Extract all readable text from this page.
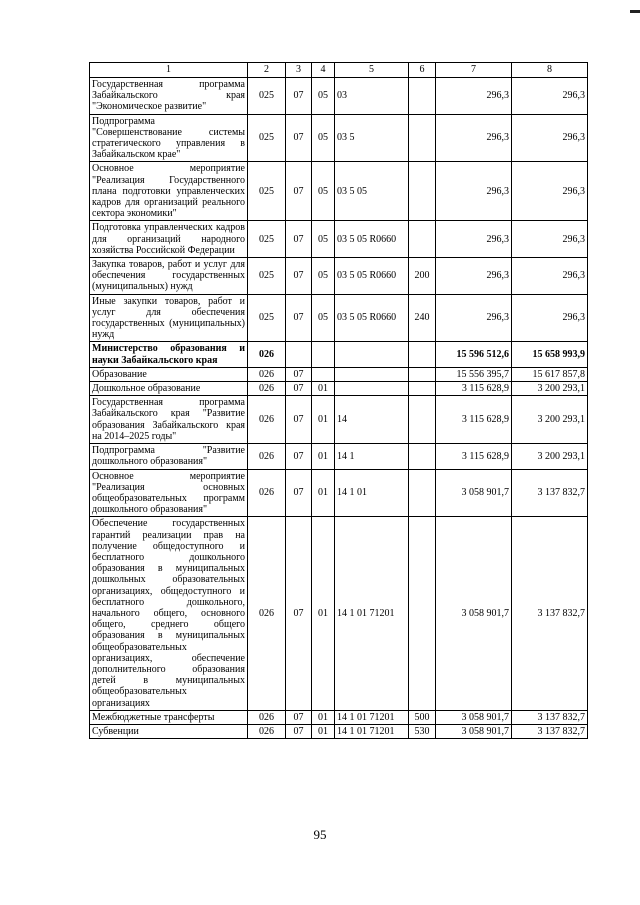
1	2	3	4	5	6	7	8
Государственная программа Забайкальского края "Экономическое развитие"	025	07	05	03		296,3	296,3
Подпрограмма "Совершенствование системы стратегического управления в Забайкальском крае"	025	07	05	03 5		296,3	296,3
Основное мероприятие "Реализация Государственного плана подготовки управленческих кадров для организаций реального сектора экономики"	025	07	05	03 5 05		296,3	296,3
Подготовка управленческих кадров для организаций народного хозяйства Российской Федерации	025	07	05	03 5 05 R0660		296,3	296,3
Закупка товаров, работ и услуг для обеспечения государственных (муниципальных) нужд	025	07	05	03 5 05 R0660	200	296,3	296,3
Иные закупки товаров, работ и услуг для обеспечения государственных (муниципальных) нужд	025	07	05	03 5 05 R0660	240	296,3	296,3
Министерство образования и науки Забайкальского края	026					15 596 512,6	15 658 993,9
Образование	026	07				15 556 395,7	15 617 857,8
Дошкольное образование	026	07	01			3 115 628,9	3 200 293,1
Государственная программа Забайкальского края "Развитие образования Забайкальского края на 2014–2025 годы"	026	07	01	14		3 115 628,9	3 200 293,1
Подпрограмма "Развитие дошкольного образования"	026	07	01	14 1		3 115 628,9	3 200 293,1
Основное мероприятие "Реализация основных общеобразовательных программ дошкольного образования"	026	07	01	14 1 01		3 058 901,7	3 137 832,7
Обеспечение государственных гарантий реализации прав на получение общедоступного и бесплатного дошкольного образования в муниципальных дошкольных образовательных организациях, общедоступного и бесплатного дошкольного, начального общего, основного общего, среднего общего образования в муниципальных общеобразовательных организациях, обеспечение дополнительного образования детей в муниципальных общеобразовательных организациях	026	07	01	14 1 01 71201		3 058 901,7	3 137 832,7
Межбюджетные трансферты	026	07	01	14 1 01 71201	500	3 058 901,7	3 137 832,7
Субвенции	026	07	01	14 1 01 71201	530	3 058 901,7	3 137 832,7
95
